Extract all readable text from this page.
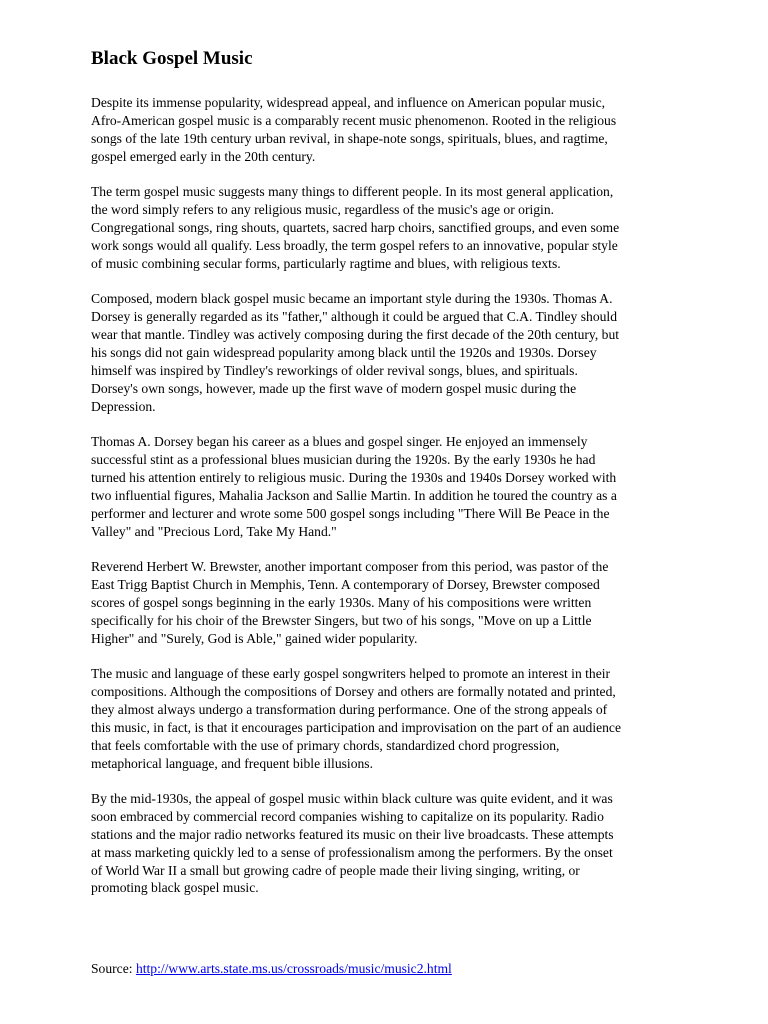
Black Gospel Music

Despite its immense popularity, widespread appeal, and influence on American popular music,
Afro-American gospel music is a comparably recent music phenomenon. Rooted in the religious
songs of the late 19th century urban revival, in shape-note songs, spirituals, blues, and ragtime,
gospel emerged early in the 20th century.

The term gospel music suggests many things to different people. In its most general application,
the word simply refers to any religious music, regardless of the music's age or origin.
Congregational songs, ring shouts, quartets, sacred harp choirs, sanctified groups, and even some
work songs would all qualify. Less broadly, the term gospel refers to an innovative, popular style
of music combining secular forms, particularly ragtime and blues, with religious texts.

Composed, modern black gospel music became an important style during the 1930s. Thomas A.
Dorsey is generally regarded as its "father," although it could be argued that C.A. Tindley should
wear that mantle. Tindley was actively composing during the first decade of the 20th century, but
his songs did not gain widespread popularity among black until the 1920s and 1930s. Dorsey
himself was inspired by Tindley's reworkings of older revival songs, blues, and spirituals.
Dorsey's own songs, however, made up the first wave of modern gospel music during the
Depression.

Thomas A. Dorsey began his career as a blues and gospel singer. He enjoyed an immensely
successful stint as a professional blues musician during the 1920s. By the early 1930s he had
turned his attention entirely to religious music. During the 1930s and 1940s Dorsey worked with
two influential figures, Mahalia Jackson and Sallie Martin. In addition he toured the country as a
performer and lecturer and wrote some 500 gospel songs including "There Will Be Peace in the
Valley" and "Precious Lord, Take My Hand."

Reverend Herbert W. Brewster, another important composer from this period, was pastor of the
East Trigg Baptist Church in Memphis, Tenn. A contemporary of Dorsey, Brewster composed
scores of gospel songs beginning in the early 1930s. Many of his compositions were written
specifically for his choir of the Brewster Singers, but two of his songs, "Move on up a Little
Higher" and "Surely, God is Able," gained wider popularity.

The music and language of these early gospel songwriters helped to promote an interest in their
compositions. Although the compositions of Dorsey and others are formally notated and printed,
they almost always undergo a transformation during performance. One of the strong appeals of
this music, in fact, is that it encourages participation and improvisation on the part of an audience
that feels comfortable with the use of primary chords, standardized chord progression,
metaphorical language, and frequent bible illusions.

By the mid-1930s, the appeal of gospel music within black culture was quite evident, and it was
soon embraced by commercial record companies wishing to capitalize on its popularity. Radio
stations and the major radio networks featured its music on their live broadcasts. These attempts
at mass marketing quickly led to a sense of professionalism among the performers. By the onset
of World War II a small but growing cadre of people made their living singing, writing, or
promoting black gospel music.

Source: http://www.arts.state.ms.us/crossroads/music/music2.html
